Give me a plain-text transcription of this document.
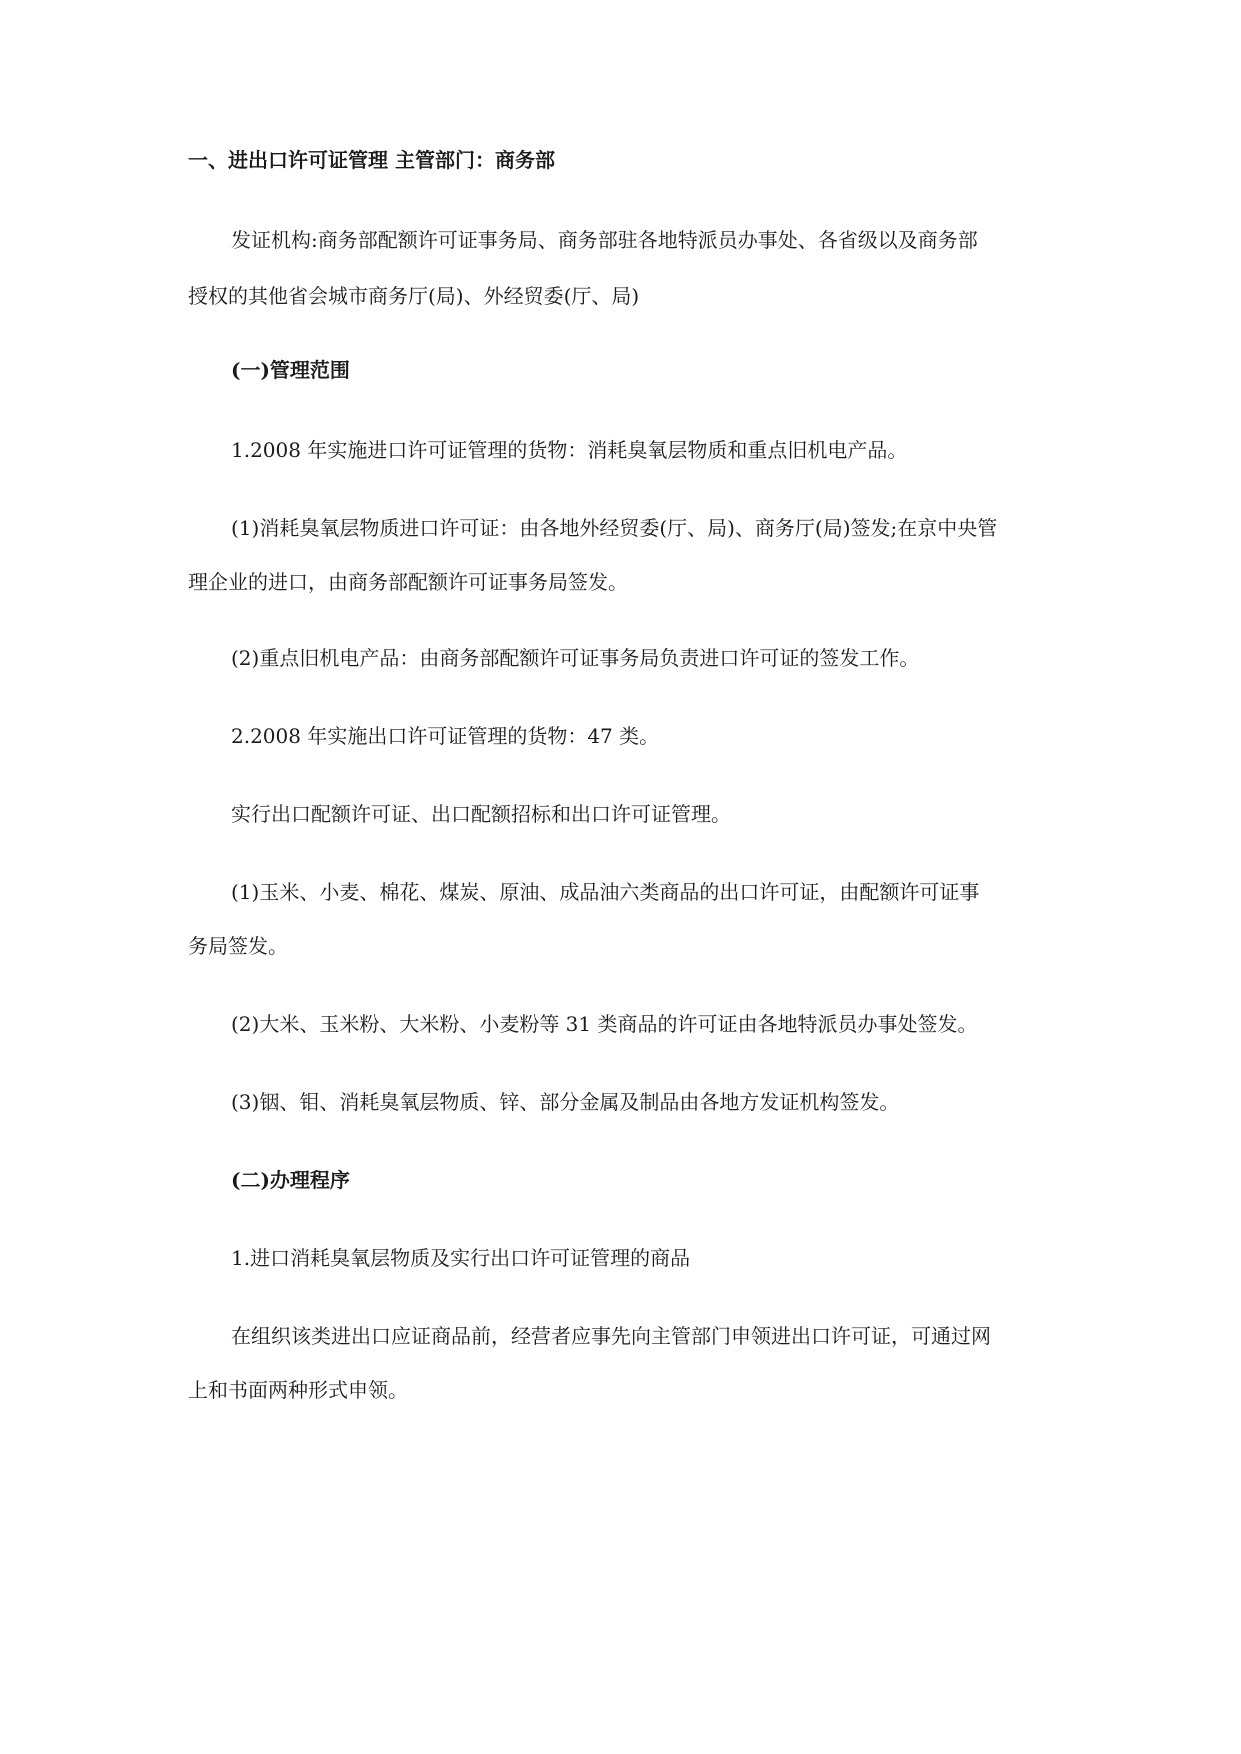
一、进出口许可证管理 主管部门：商务部
发证机构:商务部配额许可证事务局、商务部驻各地特派员办事处、各省级以及商务部
授权的其他省会城市商务厅(局)、外经贸委(厅、局)
(一)管理范围
1.2008 年实施进口许可证管理的货物：消耗臭氧层物质和重点旧机电产品。
(1)消耗臭氧层物质进口许可证：由各地外经贸委(厅、局)、商务厅(局)签发;在京中央管
理企业的进口，由商务部配额许可证事务局签发。
(2)重点旧机电产品：由商务部配额许可证事务局负责进口许可证的签发工作。
2.2008 年实施出口许可证管理的货物：47 类。
实行出口配额许可证、出口配额招标和出口许可证管理。
(1)玉米、小麦、棉花、煤炭、原油、成品油六类商品的出口许可证，由配额许可证事
务局签发。
(2)大米、玉米粉、大米粉、小麦粉等 31 类商品的许可证由各地特派员办事处签发。
(3)铟、钼、消耗臭氧层物质、锌、部分金属及制品由各地方发证机构签发。
(二)办理程序
1.进口消耗臭氧层物质及实行出口许可证管理的商品
在组织该类进出口应证商品前，经营者应事先向主管部门申领进出口许可证，可通过网
上和书面两种形式申领。
